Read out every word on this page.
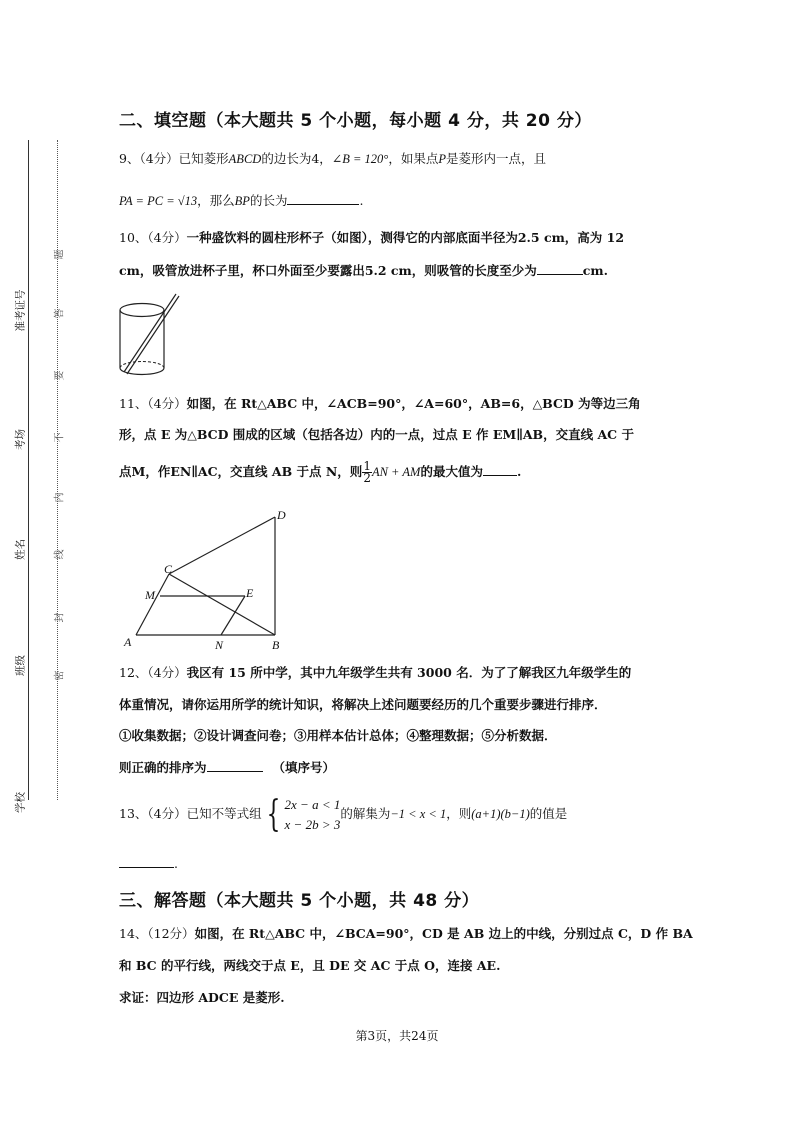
准考证号
考场
姓名
班级
学校
题
答
要
不
内
线
封
密
二、填空题（本大题共 5 个小题，每小题 4 分，共 20 分）
9、（4分）已知菱形ABCD的边长为4，∠B = 120°，如果点P是菱形内一点，且
PA = PC = √13，那么BP的长为	.
10、（4分）一种盛饮料的圆柱形杯子（如图），测得它的内部底面半径为2.5 cm，高为 12
cm，吸管放进杯子里，杯口外面至少要露出5.2 cm，则吸管的长度至少为	cm.
11、（4分）如图，在 Rt△ABC 中，∠ACB=90°，∠A=60°，AB=6，△BCD 为等边三角
形，点 E 为△BCD 围成的区域（包括各边）内的一点，过点 E 作 EM∥AB，交直线 AC 于
点M，作EN∥AC，交直线 AB 于点 N，则 $\frac{1}{2}$ AN + AM的最大值为	.
A	B
C
D
M	E
N
12、（4分）我区有 15 所中学，其中九年级学生共有 3000 名．为了了解我区九年级学生的
体重情况，请你运用所学的统计知识，将解决上述问题要经历的几个重要步骤进行排序．
①收集数据；②设计调查问卷；③用样本估计总体；④整理数据；⑤分析数据．
则正确的排序为	（填序号）
13、（4分）已知不等式组 { 2x − a < 1
x − 2b > 3
的解集为−1 < x < 1，则(a+1)(b−1)的值是
.
三、解答题（本大题共 5 个小题，共 48 分）
14、（12分）如图，在 Rt△ABC 中，∠BCA=90°，CD 是 AB 边上的中线，分别过点 C，D 作 BA
和 BC 的平行线，两线交于点 E，且 DE 交 AC 于点 O，连接 AE.
求证：四边形 ADCE 是菱形.
第3页，共24页
